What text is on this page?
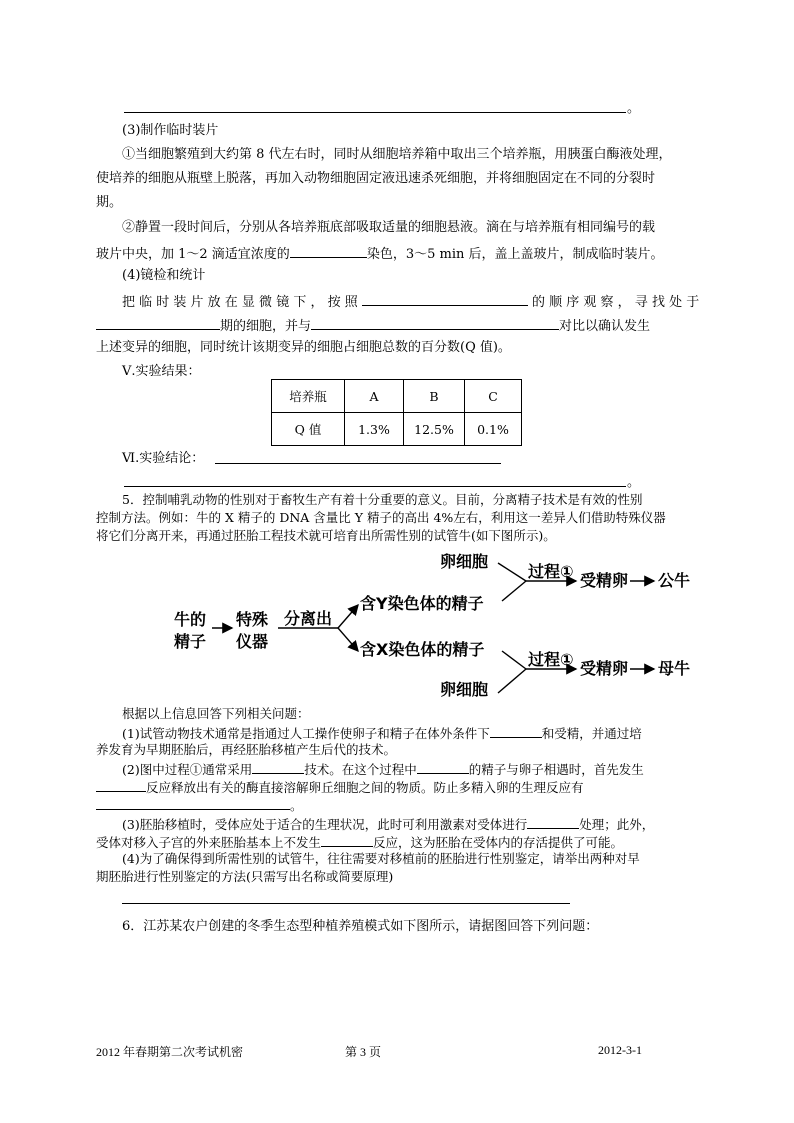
。
(3)制作临时装片
①当细胞繁殖到大约第 8 代左右时，同时从细胞培养箱中取出三个培养瓶，用胰蛋白酶液处理，
使培养的细胞从瓶壁上脱落，再加入动物细胞固定液迅速杀死细胞，并将细胞固定在不同的分裂时
期。
②静置一段时间后，分别从各培养瓶底部吸取适量的细胞悬液。滴在与培养瓶有相同编号的载
玻片中央，加 1～2 滴适宜浓度的	染色，3～5 min 后，盖上盖玻片，制成临时装片。
(4)镜检和统计
把 临 时 装 片 放 在 显 微 镜 下 ， 按 照	的 顺 序 观 察 ， 寻 找 处 于
期的细胞，并与	对比以确认发生
上述变异的细胞，同时统计该期变异的细胞占细胞总数的百分数(Q 值)。
Ⅴ.实验结果：
培养瓶	A	B	C
Q 值	1.3%	12.5%	0.1%
Ⅵ.实验结论：
。
5．控制哺乳动物的性别对于畜牧生产有着十分重要的意义。目前，分离精子技术是有效的性别
控制方法。例如：牛的 X 精子的 DNA 含量比 Y 精子的高出 4%左右，利用这一差异人们借助特殊仪器
将它们分离开来，再通过胚胎工程技术就可培育出所需性别的试管牛(如下图所示)。
牛的
精子
特殊
仪器
分离出
含Y染色体的精子
含X染色体的精子
卵细胞
过程① 受精卵 公牛
过程① 受精卵 母牛
卵细胞
根据以上信息回答下列相关问题：
(1)试管动物技术通常是指通过人工操作使卵子和精子在体外条件下	和受精，并通过培
养发育为早期胚胎后，再经胚胎移植产生后代的技术。
(2)图中过程①通常采用	技术。在这个过程中	的精子与卵子相遇时，首先发生
反应释放出有关的酶直接溶解卵丘细胞之间的物质。防止多精入卵的生理反应有
。
(3)胚胎移植时，受体应处于适合的生理状况，此时可利用激素对受体进行	处理；此外，
受体对移入子宫的外来胚胎基本上不发生	反应，这为胚胎在受体内的存活提供了可能。
(4)为了确保得到所需性别的试管牛，往往需要对移植前的胚胎进行性别鉴定，请举出两种对早
期胚胎进行性别鉴定的方法(只需写出名称或简要原理)
6．江苏某农户创建的冬季生态型种植养殖模式如下图所示，请据图回答下列问题：
2012 年春期第二次考试机密	第 3 页	2012-3-1
